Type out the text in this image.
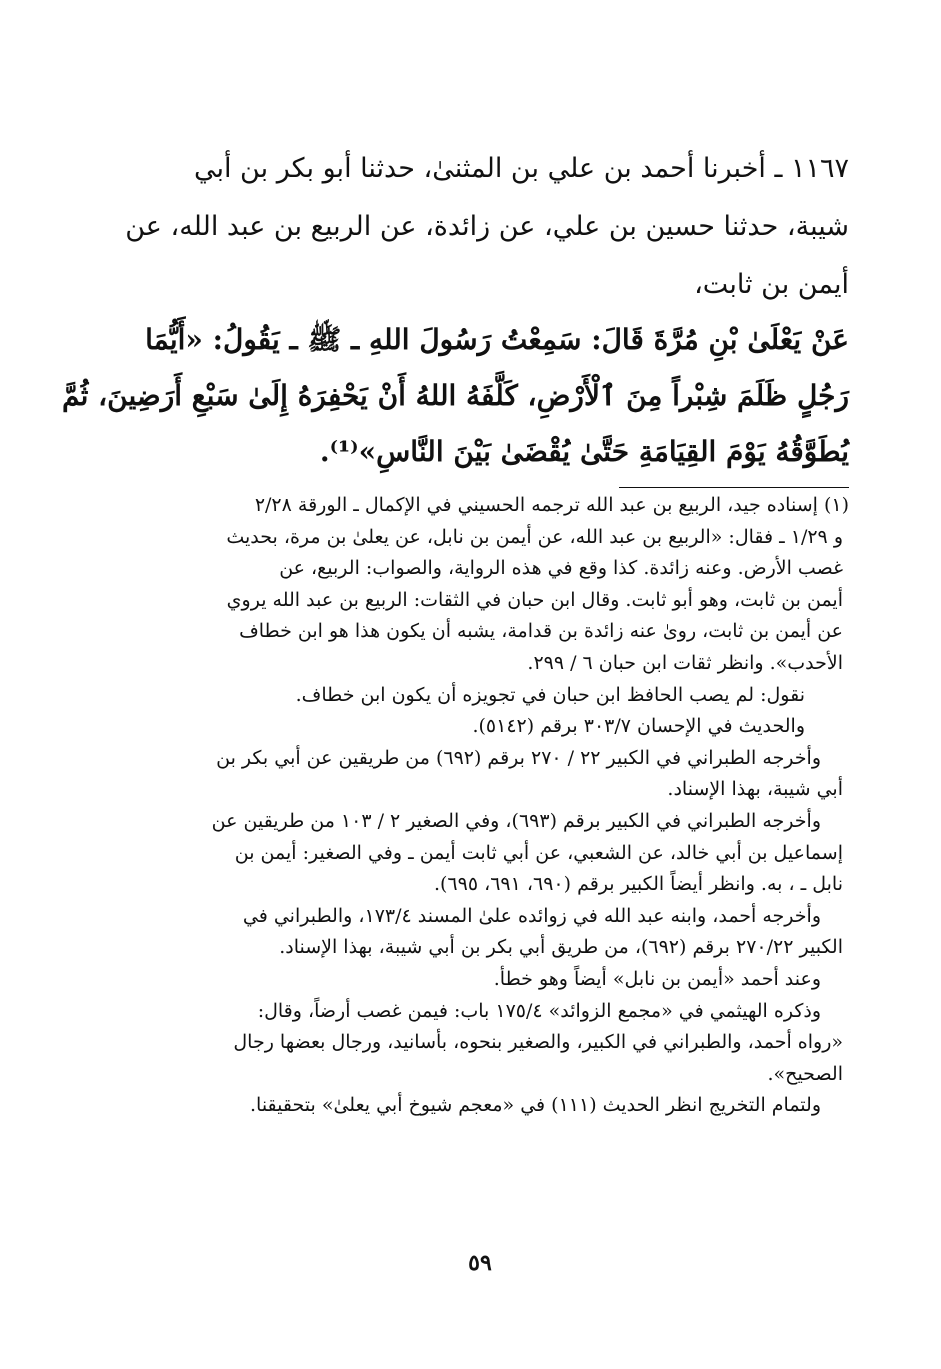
١١٦٧ ـ أخبرنا أحمد بن علي بن المثنىٰ، حدثنا أبو بكر بن أبي
شيبة، حدثنا حسين بن علي، عن زائدة، عن الربيع بن عبد الله، عن
أيمن بن ثابت،
عَنْ يَعْلَىٰ بْنِ مُرَّةَ قَالَ: سَمِعْتُ رَسُولَ اللهِ ـ ﷺ ـ يَقُولُ: «أَيُّمَا
رَجُلٍ ظَلَمَ شِبْراً مِنَ ٱلْأَرْضِ، كَلَّفَهُ اللهُ أَنْ يَحْفِرَهُ إِلَىٰ سَبْعِ أَرَضِينَ، ثُمَّ
يُطَوَّقُهُ يَوْمَ القِيَامَةِ حَتَّىٰ يُقْضَىٰ بَيْنَ النَّاسِ»⁽¹⁾.
(١) إسناده جيد، الربيع بن عبد الله ترجمه الحسيني في الإكمال ـ الورقة ٢/٢٨
و ١/٢٩ ـ فقال: «الربيع بن عبد الله، عن أيمن بن نابل، عن يعلىٰ بن مرة، بحديث
غصب الأرض. وعنه زائدة. كذا وقع في هذه الرواية، والصواب: الربيع، عن
أيمن بن ثابت، وهو أبو ثابت. وقال ابن حبان في الثقات: الربيع بن عبد الله يروي
عن أيمن بن ثابت، رویٰ عنه زائدة بن قدامة، يشبه أن يكون هذا هو ابن خطاف
الأحدب». وانظر ثقات ابن حبان ٦ / ٢٩٩.
نقول: لم يصب الحافظ ابن حبان في تجويزه أن يكون ابن خطاف.
والحديث في الإحسان ٣٠٣/٧ برقم (٥١٤٢).
وأخرجه الطبراني في الكبير ٢٢ / ٢٧٠ برقم (٦٩٢) من طريقين عن أبي بكر بن
أبي شيبة، بهذا الإسناد.
وأخرجه الطبراني في الكبير برقم (٦٩٣)، وفي الصغير ٢ / ١٠٣ من طريقين عن
إسماعيل بن أبي خالد، عن الشعبي، عن أبي ثابت أيمن ـ وفي الصغير: أيمن بن
نابل ـ ، به. وانظر أيضاً الكبير برقم (٦٩٠، ٦٩١، ٦٩٥).
وأخرجه أحمد، وابنه عبد الله في زوائده علىٰ المسند ١٧٣/٤، والطبراني في
الكبير ٢٧٠/٢٢ برقم (٦٩٢)، من طريق أبي بكر بن أبي شيبة، بهذا الإسناد.
وعند أحمد «أيمن بن نابل» أيضاً وهو خطأ.
وذكره الهيثمي في «مجمع الزوائد» ١٧٥/٤ باب: فيمن غصب أرضاً، وقال:
«رواه أحمد، والطبراني في الكبير، والصغير بنحوه، بأسانيد، ورجال بعضها رجال
الصحيح».
ولتمام التخريج انظر الحديث (١١١) في «معجم شيوخ أبي يعلىٰ» بتحقيقنا.
٥٩
